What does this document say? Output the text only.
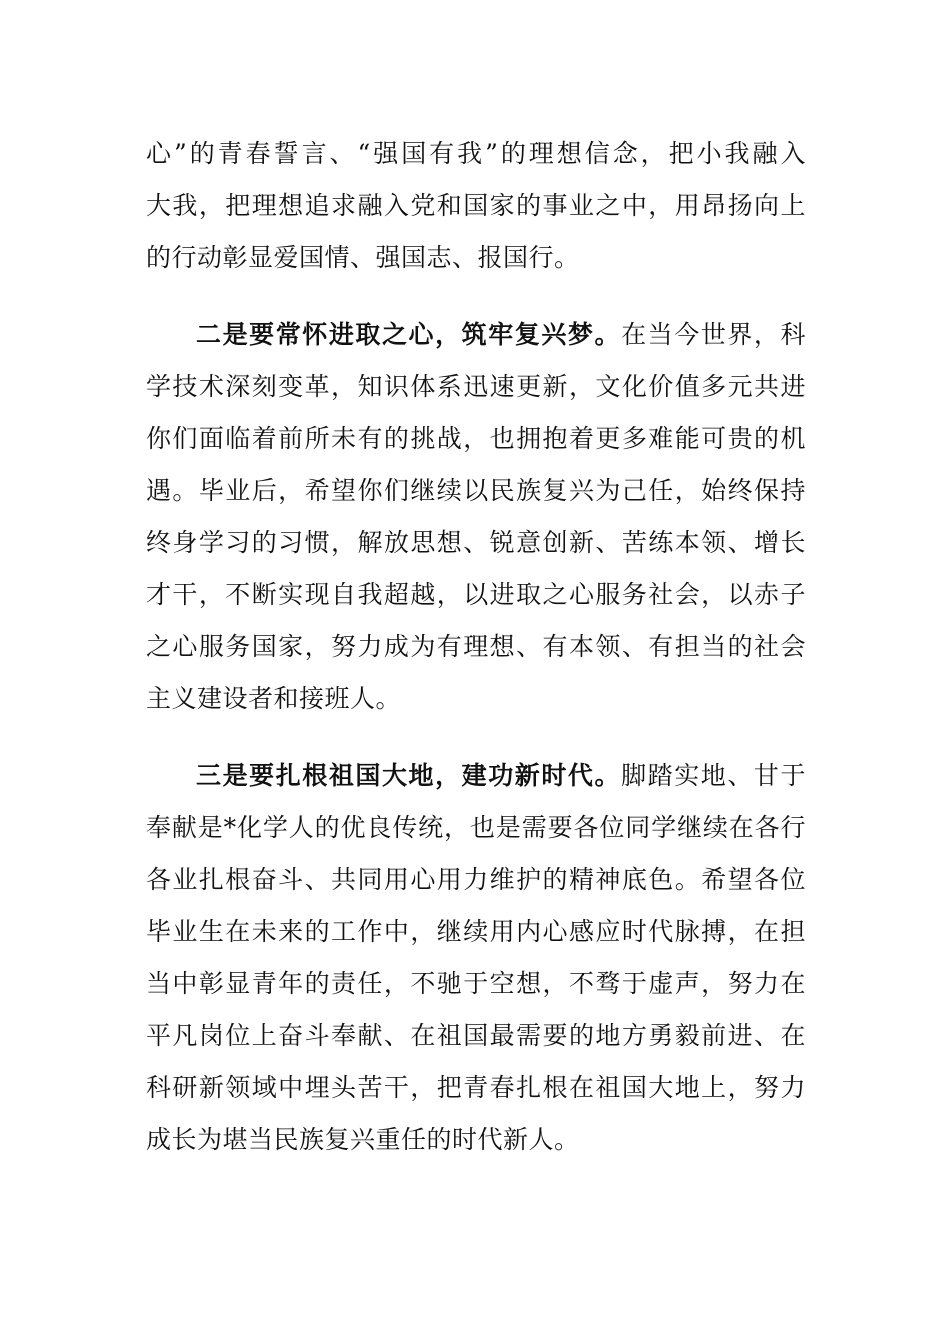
心”的青春誓言、“强国有我”的理想信念，把小我融入
大我，把理想追求融入党和国家的事业之中，用昂扬向上
的行动彰显爱国情、强国志、报国行。
二是要常怀进取之心，筑牢复兴梦。在当今世界，科
学技术深刻变革，知识体系迅速更新，文化价值多元共进
你们面临着前所未有的挑战，也拥抱着更多难能可贵的机
遇。毕业后，希望你们继续以民族复兴为己任，始终保持
终身学习的习惯，解放思想、锐意创新、苦练本领、增长
才干，不断实现自我超越，以进取之心服务社会，以赤子
之心服务国家，努力成为有理想、有本领、有担当的社会
主义建设者和接班人。
三是要扎根祖国大地，建功新时代。脚踏实地、甘于
奉献是*化学人的优良传统，也是需要各位同学继续在各行
各业扎根奋斗、共同用心用力维护的精神底色。希望各位
毕业生在未来的工作中，继续用内心感应时代脉搏，在担
当中彰显青年的责任，不驰于空想，不骛于虚声，努力在
平凡岗位上奋斗奉献、在祖国最需要的地方勇毅前进、在
科研新领域中埋头苦干，把青春扎根在祖国大地上，努力
成长为堪当民族复兴重任的时代新人。
